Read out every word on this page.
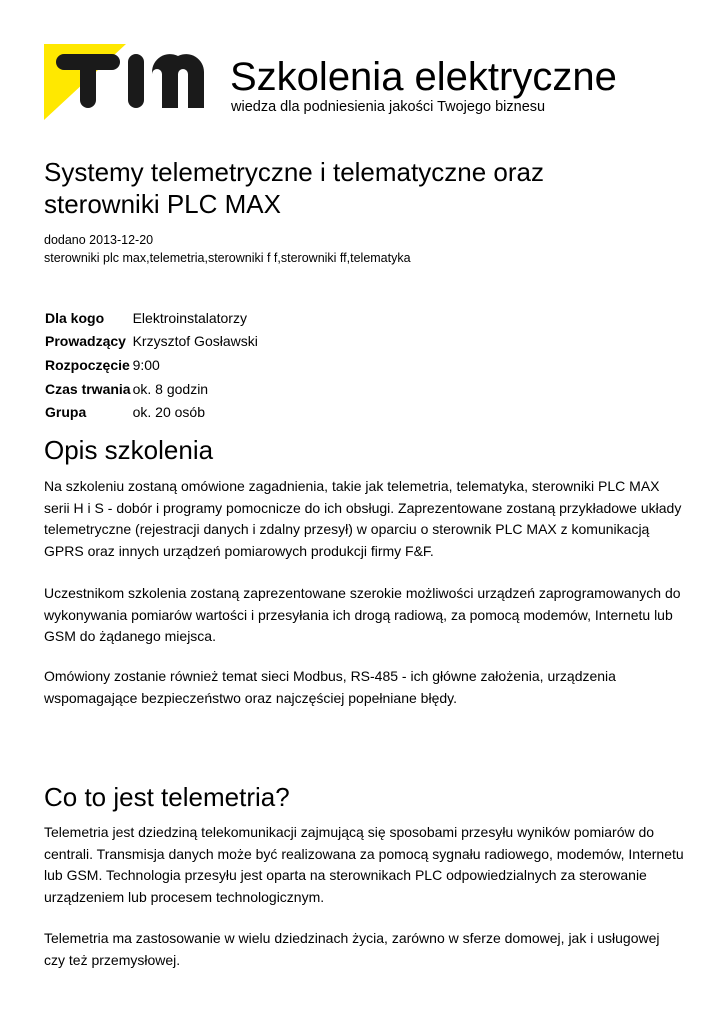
Szkolenia elektryczne
wiedza dla podniesienia jakości Twojego biznesu
Systemy telemetryczne i telematyczne oraz sterowniki PLC MAX
dodano 2013-12-20
sterowniki plc max,telemetria,sterowniki f f,sterowniki ff,telematyka
Dla kogo	Elektroinstalatorzy
Prowadzący	Krzysztof Gosławski
Rozpoczęcie	9:00
Czas trwania	ok. 8 godzin
Grupa	ok. 20 osób
Opis szkolenia

Na szkoleniu zostaną omówione zagadnienia, takie jak telemetria, telematyka, sterowniki PLC MAX serii H i S - dobór i programy pomocnicze do ich obsługi. Zaprezentowane zostaną przykładowe układy telemetryczne (rejestracji danych i zdalny przesył) w oparciu o sterownik PLC MAX z komunikacją GPRS oraz innych urządzeń pomiarowych produkcji firmy F&F.

Uczestnikom szkolenia zostaną zaprezentowane szerokie możliwości urządzeń zaprogramowanych do wykonywania pomiarów wartości i przesyłania ich drogą radiową, za pomocą modemów, Internetu lub GSM do żądanego miejsca.

Omówiony zostanie również temat sieci Modbus, RS-485 - ich główne założenia, urządzenia wspomagające bezpieczeństwo oraz najczęściej popełniane błędy.

Co to jest telemetria?

Telemetria jest dziedziną telekomunikacji zajmującą się sposobami przesyłu wyników pomiarów do centrali. Transmisja danych może być realizowana za pomocą sygnału radiowego, modemów, Internetu lub GSM. Technologia przesyłu jest oparta na sterownikach PLC odpowiedzialnych za sterowanie urządzeniem lub procesem technologicznym.

Telemetria ma zastosowanie w wielu dziedzinach życia, zarówno w sferze domowej, jak i usługowej czy też przemysłowej.
